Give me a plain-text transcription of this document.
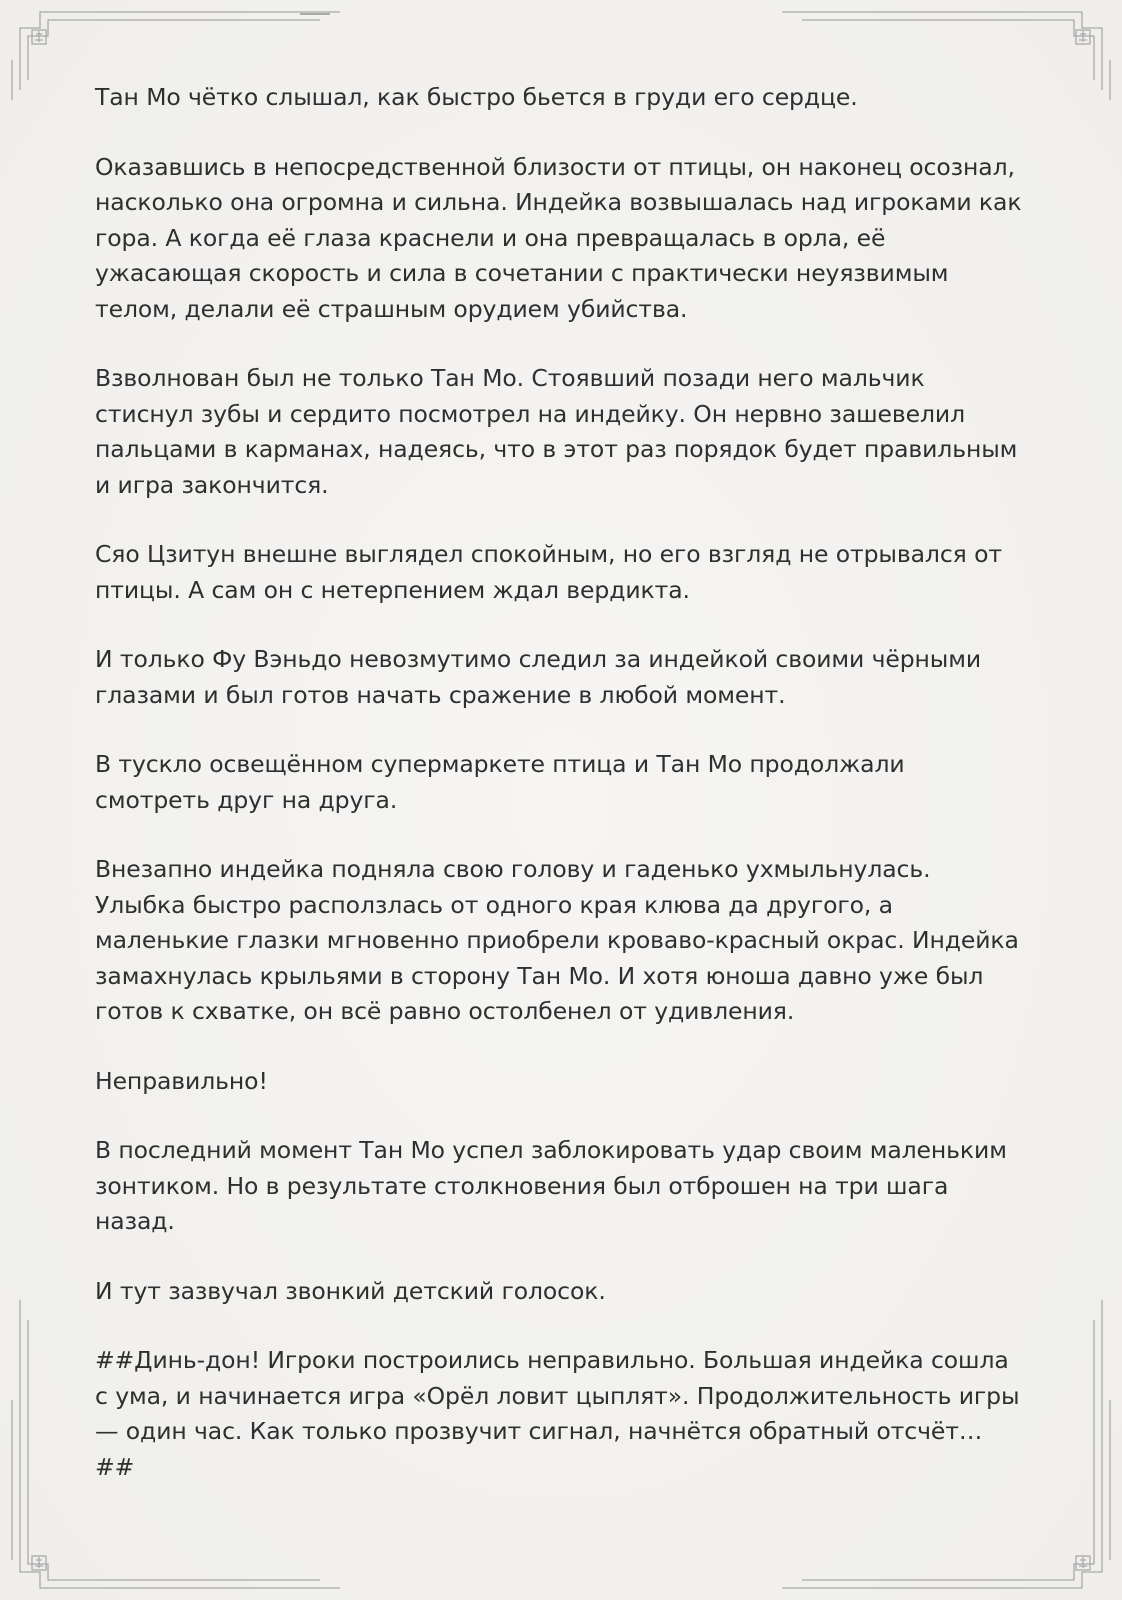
Тан Мо чётко слышал, как быстро бьется в груди его сердце.

Оказавшись в непосредственной близости от птицы, он наконец осознал, насколько она огромна и сильна. Индейка возвышалась над игроками как гора. А когда её глаза краснели и она превращалась в орла, её ужасающая скорость и сила в сочетании с практически неуязвимым телом, делали её страшным орудием убийства.

Взволнован был не только Тан Мо. Стоявший позади него мальчик стиснул зубы и сердито посмотрел на индейку. Он нервно зашевелил пальцами в карманах, надеясь, что в этот раз порядок будет правильным и игра закончится.

Сяо Цзитун внешне выглядел спокойным, но его взгляд не отрывался от птицы. А сам он с нетерпением ждал вердикта.

И только Фу Вэньдо невозмутимо следил за индейкой своими чёрными глазами и был готов начать сражение в любой момент.

В тускло освещённом супермаркете птица и Тан Мо продолжали смотреть друг на друга.

Внезапно индейка подняла свою голову и гаденько ухмыльнулась. Улыбка быстро расползлась от одного края клюва да другого, а маленькие глазки мгновенно приобрели кроваво-красный окрас. Индейка замахнулась крыльями в сторону Тан Мо. И хотя юноша давно уже был готов к схватке, он всё равно остолбенел от удивления.

Неправильно!

В последний момент Тан Мо успел заблокировать удар своим маленьким зонтиком. Но в результате столкновения был отброшен на три шага назад.

И тут зазвучал звонкий детский голосок.

##Динь-дон! Игроки построились неправильно. Большая индейка сошла с ума, и начинается игра «Орёл ловит цыплят». Продолжительность игры — один час. Как только прозвучит сигнал, начнётся обратный отсчёт… ##
